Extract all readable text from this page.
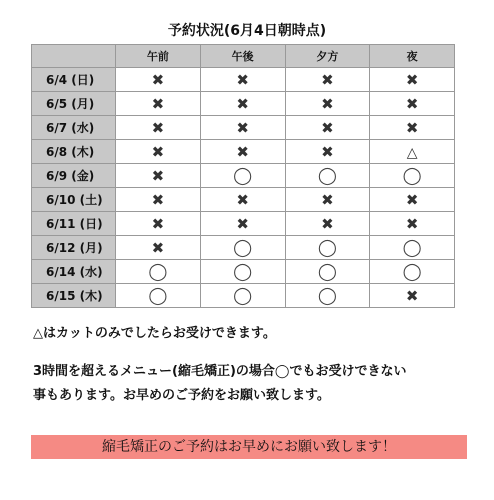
予約状況(6月4日朝時点)
	午前	午後	夕方	夜
6/4 (日)	✖	✖	✖	✖
6/5 (月)	✖	✖	✖	✖
6/7 (水)	✖	✖	✖	✖
6/8 (木)	✖	✖	✖	△
6/9 (金)	✖	◯	◯	◯
6/10 (土)	✖	✖	✖	✖
6/11 (日)	✖	✖	✖	✖
6/12 (月)	✖	◯	◯	◯
6/14 (水)	◯	◯	◯	◯
6/15 (木)	◯	◯	◯	✖
△はカットのみでしたらお受けできます。
3時間を超えるメニュー(縮毛矯正)の場合◯でもお受けできない
事もあります。お早めのご予約をお願い致します。
縮毛矯正のご予約はお早めにお願い致します！
